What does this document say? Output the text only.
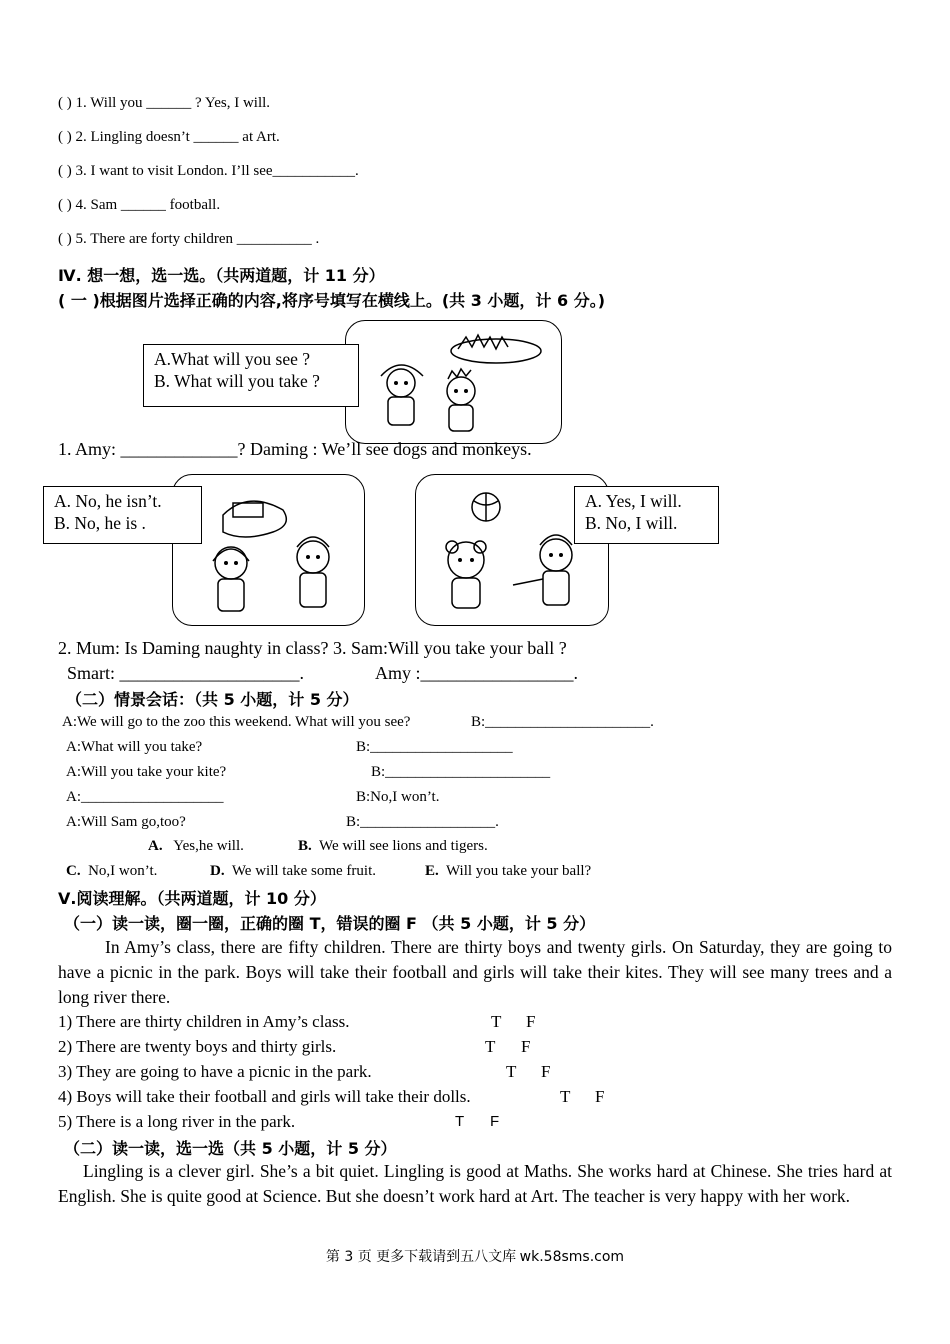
( ) 1. Will you ______ ? Yes, I will.
( ) 2. Lingling doesn’t ______ at Art.
( ) 3. I want to visit London. I’ll see___________.
( ) 4. Sam ______ football.
( ) 5. There are forty children __________ .
Ⅳ. 想一想，选一选。（共两道题，计 11 分）
( 一 )根据图片选择正确的内容,将序号填写在横线上。(共 3 小题，计 6 分。)
A.What will you see ?
B. What will you take ?
1. Amy: _____________? Daming : We’ll see dogs and monkeys.
A. No, he isn’t.
B. No, he is .
A. Yes, I will.
B. No, I will.
2. Mum: Is Daming naughty in class? 3. Sam:Will you take your ball ?
Smart: ____________________.	Amy :_________________.
（二）情景会话：（共 5 小题，计 5 分）
A:We will go to the zoo this weekend. What will you see?	B:______________________.
A:What will you take?	B:___________________
A:Will you take your kite?	B:______________________
A:___________________	B:No,I won’t.
A:Will Sam go,too?	B:__________________.
A. Yes,he will.	B. We will see lions and tigers.
C. No,I won’t.	D. We will take some fruit.	E. Will you take your ball?
Ⅴ.阅读理解。（共两道题，计 10 分）
（一）读一读，圈一圈，正确的圈 T，错误的圈 F （共 5 小题，计 5 分）
In Amy’s class, there are fifty children. There are thirty boys and twenty girls. On Saturday, they are going to have a picnic in the park. Boys will take their football and girls will take their kites. They will see many trees and a long river there.
1) There are thirty children in Amy’s class.	T F
2) There are twenty boys and thirty girls.	T F
3) They are going to have a picnic in the park.	T F
4) Boys will take their football and girls will take their dolls.	T F
5) There is a long river in the park.	T F
（二）读一读，选一选（共 5 小题，计 5 分）
Lingling is a clever girl. She’s a bit quiet. Lingling is good at Maths. She works hard at Chinese. She tries hard at English. She is quite good at Science. But she doesn’t work hard at Art. The teacher is very happy with her work.
第 3 页 更多下载请到五八文库 wk.58sms.com
